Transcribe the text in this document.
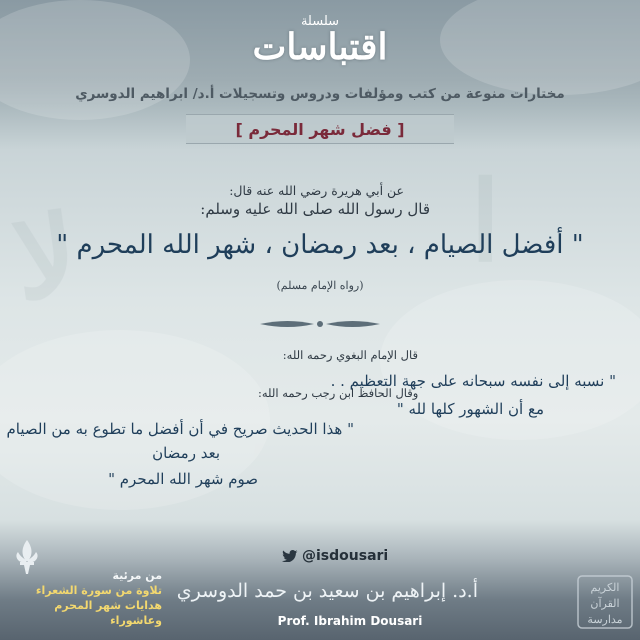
ﻻ	ﺍ
سلسلة
اقتباسات
مختارات منوعة من كتب ومؤلفات ودروس وتسجيلات أ.د/ ابراهيم الدوسري
[ فضل شهر المحرم ]
عن أبي هريرة رضي الله عنه قال:
قال رسول الله صلى الله عليه وسلم:
" أفضل الصيام ، بعد رمضان ، شهر الله المحرم "
(رواه الإمام مسلم)
قال الإمام البغوي رحمه الله:
" نسبه إلى نفسه سبحانه على جهة التعظيم . .
مع أن الشهور كلها لله "
وقال الحافظ ابن رجب رحمه الله:
" هذا الحديث صريح في أن أفضل ما تطوع به من الصيام
بعد رمضان
صوم شهر الله المحرم "
@isdousari
أ.د. إبراهيم بن سعيد بن حمد الدوسري
Prof. Ibrahim Dousari
من مرئية
تلاوة من سورة الشعراء
هدايات شهر المحرم وعاشوراء
الكريم
القرآن
مدارسة
